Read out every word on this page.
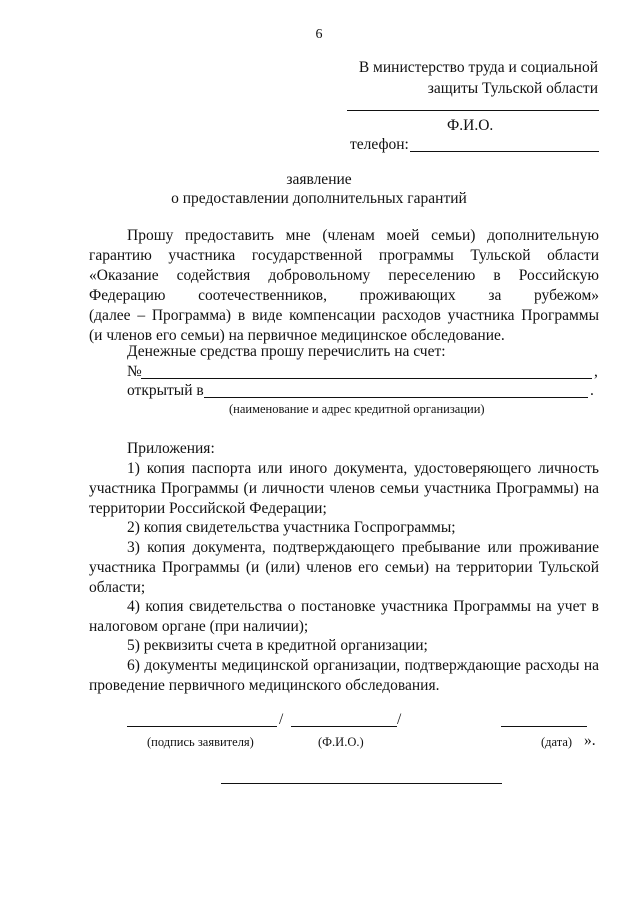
6
В министерство труда и социальной
защиты Тульской области
Ф.И.О.
телефон:
заявление
о предоставлении дополнительных гарантий
Прошу предоставить мне (членам моей семьи) дополнительную
гарантию участника государственной программы Тульской области
«Оказание содействия добровольному переселению в Российскую
Федерацию соотечественников, проживающих за рубежом»
(далее – Программа) в виде компенсации расходов участника Программы
(и членов его семьи) на первичное медицинское обследование.
Денежные средства прошу перечислить на счет:
№	,
открытый в	.
(наименование и адрес кредитной организации)
Приложения:
1) копия паспорта или иного документа, удостоверяющего личность
участника Программы (и личности членов семьи участника Программы) на
территории Российской Федерации;
2) копия свидетельства участника Госпрограммы;
3) копия документа, подтверждающего пребывание или проживание
участника Программы (и (или) членов его семьи) на территории Тульской
области;
4) копия свидетельства о постановке участника Программы на учет в
налоговом органе (при наличии);
5) реквизиты счета в кредитной организации;
6) документы медицинской организации, подтверждающие расходы на
проведение первичного медицинского обследования.
/	/
(подпись заявителя)	(Ф.И.О.)	(дата) ».
